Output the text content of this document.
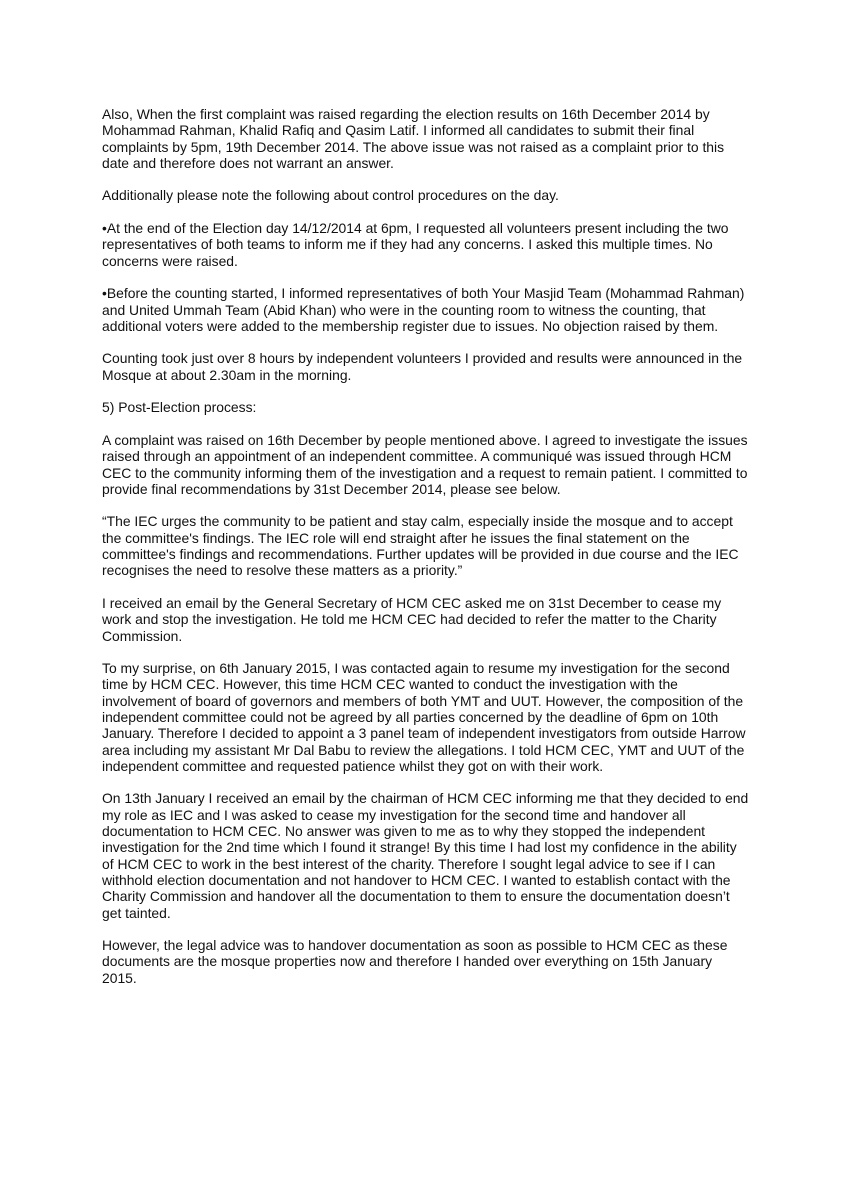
Also, When the first complaint was raised regarding the election results on 16th December 2014 by Mohammad Rahman, Khalid Rafiq and Qasim Latif. I informed all candidates to submit their final complaints by 5pm, 19th December 2014. The above issue was not raised as a complaint prior to this date and therefore does not warrant an answer.

Additionally please note the following about control procedures on the day.

•At the end of the Election day 14/12/2014 at 6pm, I requested all volunteers present including the two representatives of both teams to inform me if they had any concerns. I asked this multiple times. No concerns were raised.

•Before the counting started, I informed representatives of both Your Masjid Team (Mohammad Rahman) and United Ummah Team (Abid Khan) who were in the counting room to witness the counting, that additional voters were added to the membership register due to issues. No objection raised by them.

Counting took just over 8 hours by independent volunteers I provided and results were announced in the Mosque at about 2.30am in the morning.

5) Post-Election process:

A complaint was raised on 16th December by people mentioned above. I agreed to investigate the issues raised through an appointment of an independent committee. A communiqué was issued through HCM CEC to the community informing them of the investigation and a request to remain patient. I committed to provide final recommendations by 31st December 2014, please see below.

“The IEC urges the community to be patient and stay calm, especially inside the mosque and to accept the committee's findings. The IEC role will end straight after he issues the final statement on the committee's findings and recommendations. Further updates will be provided in due course and the IEC recognises the need to resolve these matters as a priority.”

I received an email by the General Secretary of HCM CEC asked me on 31st December to cease my work and stop the investigation. He told me HCM CEC had decided to refer the matter to the Charity Commission.

To my surprise, on 6th January 2015, I was contacted again to resume my investigation for the second time by HCM CEC. However, this time HCM CEC wanted to conduct the investigation with the involvement of board of governors and members of both YMT and UUT. However, the composition of the independent committee could not be agreed by all parties concerned by the deadline of 6pm on 10th January. Therefore I decided to appoint a 3 panel team of independent investigators from outside Harrow area including my assistant Mr Dal Babu to review the allegations. I told HCM CEC, YMT and UUT of the independent committee and requested patience whilst they got on with their work.

On 13th January I received an email by the chairman of HCM CEC informing me that they decided to end my role as IEC and I was asked to cease my investigation for the second time and handover all documentation to HCM CEC. No answer was given to me as to why they stopped the independent investigation for the 2nd time which I found it strange! By this time I had lost my confidence in the ability of HCM CEC to work in the best interest of the charity. Therefore I sought legal advice to see if I can withhold election documentation and not handover to HCM CEC. I wanted to establish contact with the Charity Commission and handover all the documentation to them to ensure the documentation doesn’t get tainted.

However, the legal advice was to handover documentation as soon as possible to HCM CEC as these documents are the mosque properties now and therefore I handed over everything on 15th January 2015.
